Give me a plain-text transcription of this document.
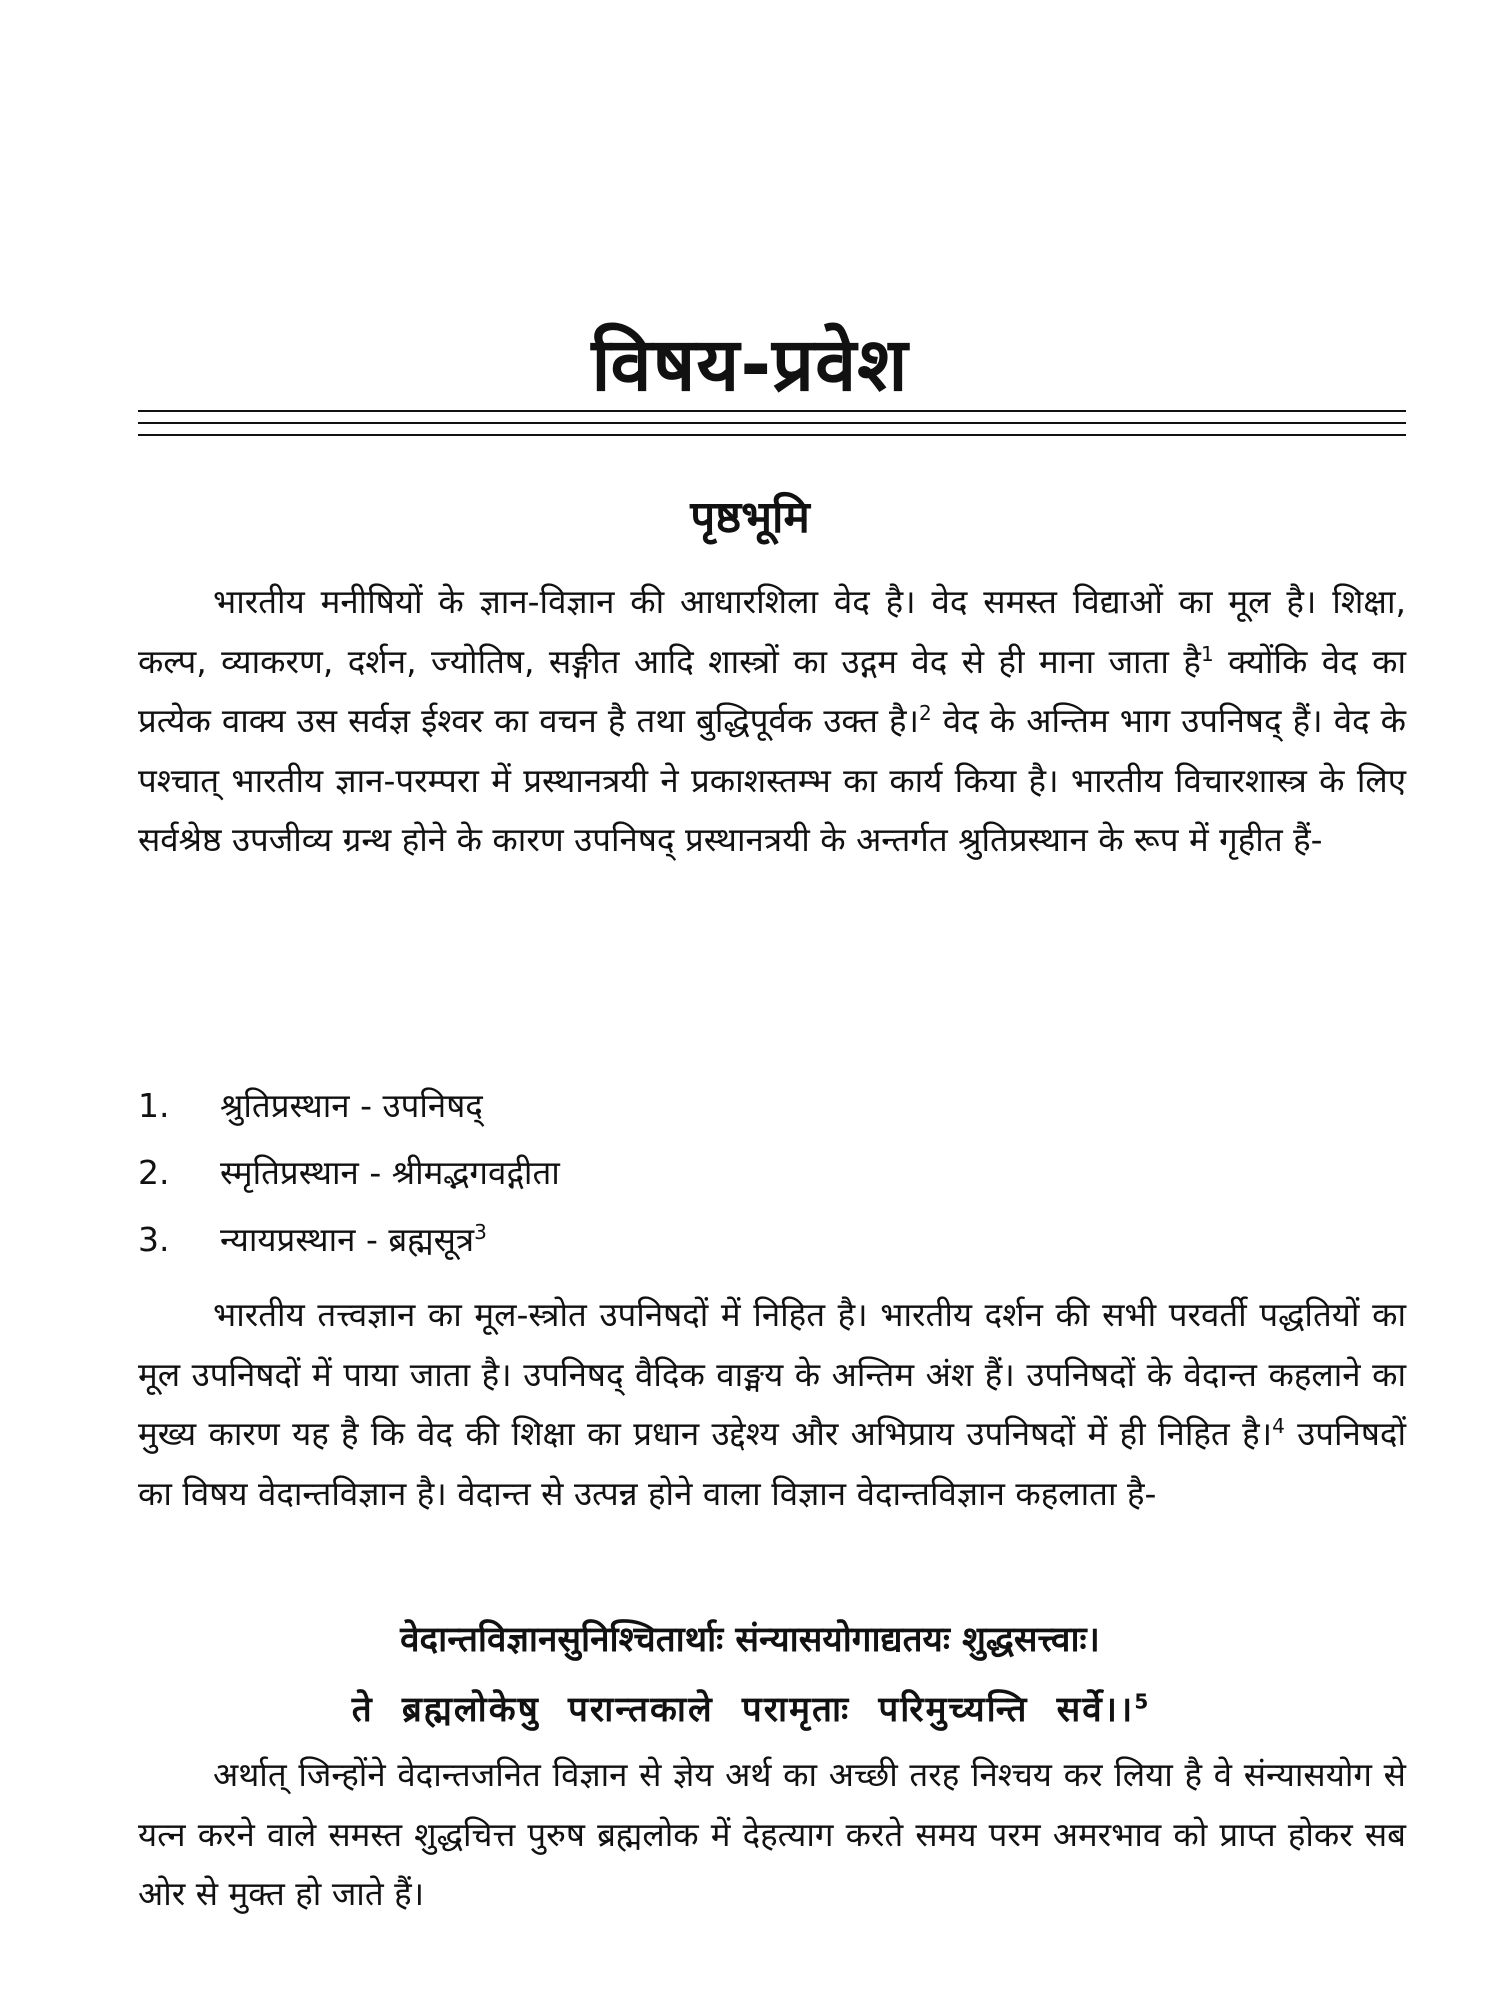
विषय-प्रवेश
पृष्ठभूमि

भारतीय मनीषियों के ज्ञान-विज्ञान की आधारशिला वेद है। वेद समस्त विद्याओं का मूल है। शिक्षा, कल्प, व्याकरण, दर्शन, ज्योतिष, सङ्गीत आदि शास्त्रों का उद्गम वेद से ही माना जाता है$^1$ क्योंकि वेद का प्रत्येक वाक्य उस सर्वज्ञ ईश्वर का वचन है तथा बुद्धिपूर्वक उक्त है।$^2$ वेद के अन्तिम भाग उपनिषद् हैं। वेद के पश्चात् भारतीय ज्ञान-परम्परा में प्रस्थानत्रयी ने प्रकाशस्तम्भ का कार्य किया है। भारतीय विचारशास्त्र के लिए सर्वश्रेष्ठ उपजीव्य ग्रन्थ होने के कारण उपनिषद् प्रस्थानत्रयी के अन्तर्गत श्रुतिप्रस्थान के रूप में गृहीत हैं-

1. श्रुतिप्रस्थान - उपनिषद्
2. स्मृतिप्रस्थान - श्रीमद्भगवद्गीता
3. न्यायप्रस्थान - ब्रह्मसूत्र$^3$

भारतीय तत्त्वज्ञान का मूल-स्त्रोत उपनिषदों में निहित है। भारतीय दर्शन की सभी परवर्ती पद्धतियों का मूल उपनिषदों में पाया जाता है। उपनिषद् वैदिक वाङ्मय के अन्तिम अंश हैं। उपनिषदों के वेदान्त कहलाने का मुख्य कारण यह है कि वेद की शिक्षा का प्रधान उद्देश्य और अभिप्राय उपनिषदों में ही निहित है।$^4$ उपनिषदों का विषय वेदान्तविज्ञान है। वेदान्त से उत्पन्न होने वाला विज्ञान वेदान्तविज्ञान कहलाता है-

वेदान्तविज्ञानसुनिश्चितार्थाः संन्यासयोगाद्यतयः शुद्धसत्त्वाः।
ते ब्रह्मलोकेषु परान्तकाले परामृताः परिमुच्यन्ति सर्वे।।$^5$

अर्थात् जिन्होंने वेदान्तजनित विज्ञान से ज्ञेय अर्थ का अच्छी तरह निश्चय कर लिया है वे संन्यासयोग से यत्न करने वाले समस्त शुद्धचित्त पुरुष ब्रह्मलोक में देहत्याग करते समय परम अमरभाव को प्राप्त होकर सब ओर से मुक्त हो जाते हैं।
